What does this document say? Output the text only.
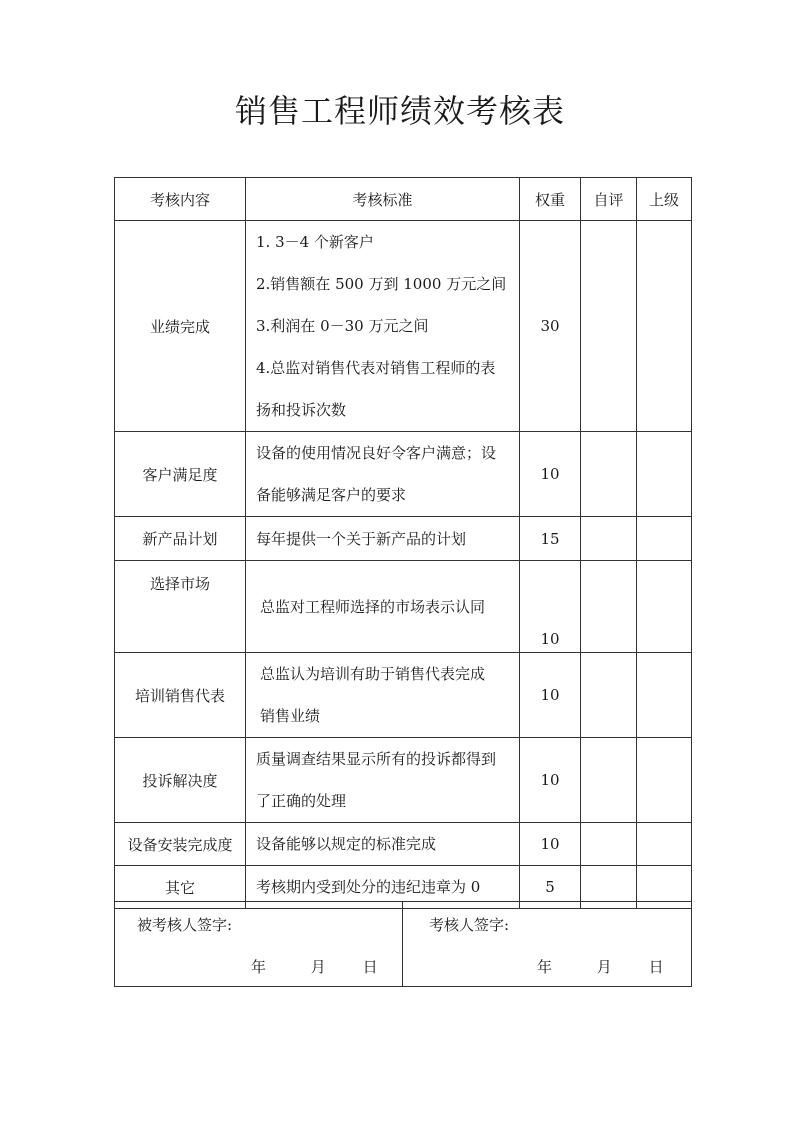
销售工程师绩效考核表
考核内容	考核标准	权重	自评	上级
业绩完成	1. 3－4 个新客户
2.销售额在 500 万到 1000 万元之间
3.利润在 0－30 万元之间
4.总监对销售代表对销售工程师的表
扬和投诉次数	30		
客户满足度	设备的使用情况良好令客户满意；设
备能够满足客户的要求	10		
新产品计划	每年提供一个关于新产品的计划	15		
选择市场	总监对工程师选择的市场表示认同	10		
培训销售代表	总监认为培训有助于销售代表完成
销售业绩	10		
投诉解决度	质量调查结果显示所有的投诉都得到
了正确的处理	10		
设备安装完成度	设备能够以规定的标准完成	10		
其它	考核期内受到处分的违纪违章为 0	5		
被考核人签字:
年	月 日

考核人签字:
年	月 日
